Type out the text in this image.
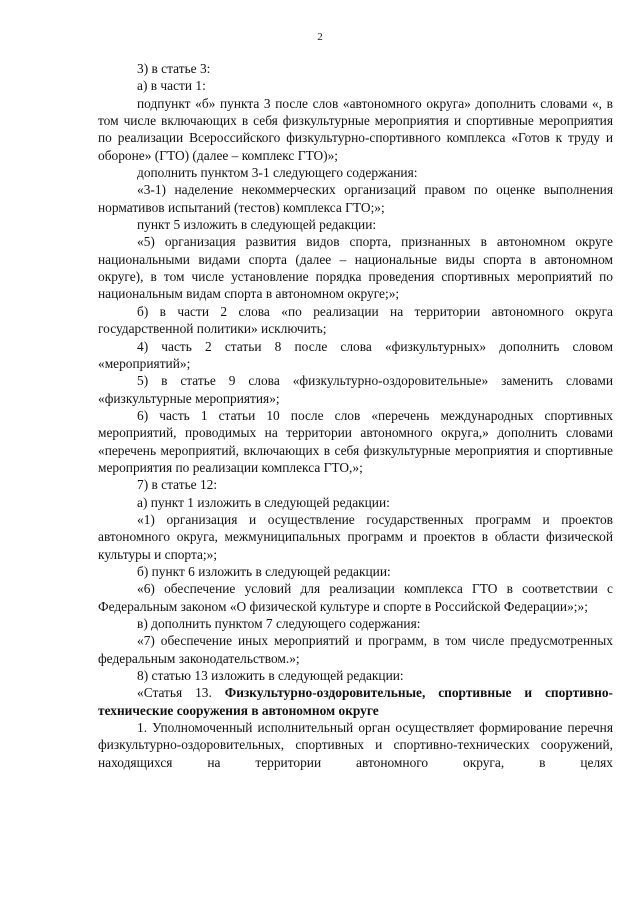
2

3) в статье 3:

а) в части 1:

подпункт «б» пункта 3 после слов «автономного округа» дополнить словами «, в том числе включающих в себя физкультурные мероприятия и спортивные мероприятия по реализации Всероссийского физкультурно-спортивного комплекса «Готов к труду и обороне» (ГТО) (далее – комплекс ГТО)»;

дополнить пунктом 3-1 следующего содержания:

«3-1) наделение некоммерческих организаций правом по оценке выполнения нормативов испытаний (тестов) комплекса ГТО;»;

пункт 5 изложить в следующей редакции:

«5) организация развития видов спорта, признанных в автономном округе национальными видами спорта (далее – национальные виды спорта в автономном округе), в том числе установление порядка проведения спортивных мероприятий по национальным видам спорта в автономном округе;»;

б) в части 2 слова «по реализации на территории автономного округа государственной политики» исключить;

4) часть 2 статьи 8 после слова «физкультурных» дополнить словом «мероприятий»;

5) в статье 9 слова «физкультурно-оздоровительные» заменить словами «физкультурные мероприятия»;

6) часть 1 статьи 10 после слов «перечень международных спортивных мероприятий, проводимых на территории автономного округа,» дополнить словами «перечень мероприятий, включающих в себя физкультурные мероприятия и спортивные мероприятия по реализации комплекса ГТО,»;

7) в статье 12:

а) пункт 1 изложить в следующей редакции:

«1) организация и осуществление государственных программ и проектов автономного округа, межмуниципальных программ и проектов в области физической культуры и спорта;»;

б) пункт 6 изложить в следующей редакции:

«6) обеспечение условий для реализации комплекса ГТО в соответствии с Федеральным законом «О физической культуре и спорте в Российской Федерации»;»;

в) дополнить пунктом 7 следующего содержания:

«7) обеспечение иных мероприятий и программ, в том числе предусмотренных федеральным законодательством.»;

8) статью 13 изложить в следующей редакции:

«Статья 13. Физкультурно-оздоровительные, спортивные и спортивно-технические сооружения в автономном округе

1. Уполномоченный исполнительный орган осуществляет формирование перечня физкультурно-оздоровительных, спортивных и спортивно-технических сооружений, находящихся на территории автономного округа, в целях
